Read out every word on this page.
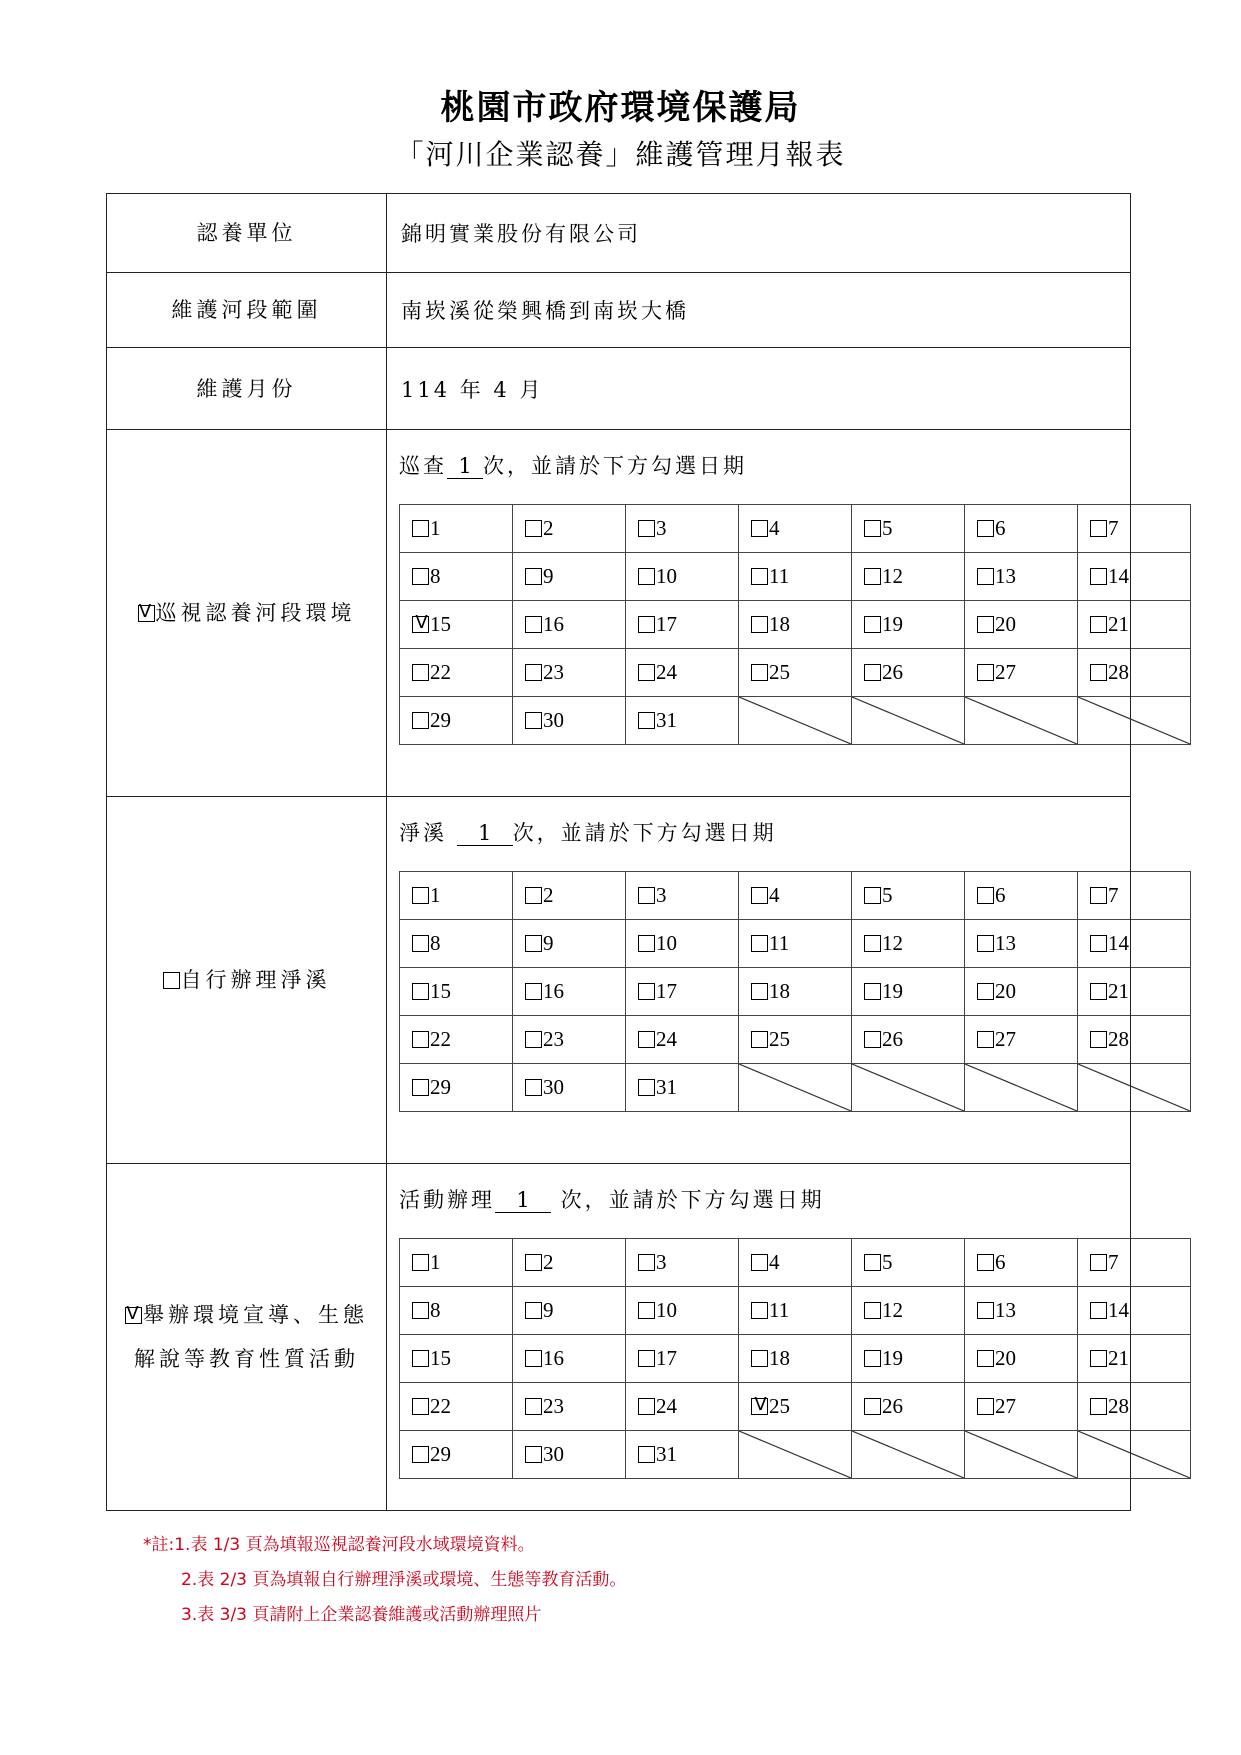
桃園市政府環境保護局
「河川企業認養」維護管理月報表
認養單位	錦明實業股份有限公司
維護河段範圍	南崁溪從榮興橋到南崁大橋
維護月份	114 年 4 月

V 巡視認養河段環境

巡查 1 次，並請於下方勾選日期
1	2	3	4	5	6	7
8	9	10	11	12	13	14

V 15	16	17	18	19	20	21
22	23	24	25	26	27	28
29	30	31	

自行辦理淨溪

淨溪 1 次，並請於下方勾選日期
1	2	3	4	5	6	7
8	9	10	11	12	13	14
15	16	17	18	19	20	21
22	23	24	25	26	27	28
29	30	31	

V 舉辦環境宣導、生態
解說等教育性質活動

活動辦理 1 次，並請於下方勾選日期
1	2	3	4	5	6	7
8	9	10	11	12	13	14
15	16	17	18	19	20	21
22	23	24	V 25	26	27	28
29	30	31	

*註:1.表 1/3 頁為填報巡視認養河段水域環境資料。
2.表 2/3 頁為填報自行辦理淨溪或環境、生態等教育活動。
3.表 3/3 頁請附上企業認養維護或活動辦理照片
